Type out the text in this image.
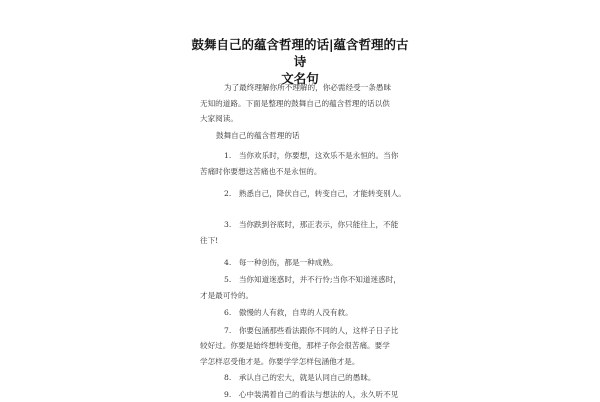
鼓舞自己的蕴含哲理的话|蕴含哲理的古诗
文名句
为了最终理解你所不理解的，你必需经受一条愚昧
无知的道路。下面是整理的鼓舞自己的蕴含哲理的话以供
大家阅读。
鼓舞自己的蕴含哲理的话
1.　当你欢乐时，你要想，这欢乐不是永恒的。当你
苦痛时你要想这苦痛也不是永恒的。
2.　熟悉自己，降伏自己，转变自己，才能转变别人。
3.　当你跌到谷底时，那正表示，你只能往上，不能
往下!
4.　每一种创伤，都是一种成熟。
5.　当你知道迷惑时，并不行怜;当你不知道迷惑时，
才是最可怜的。
6.　傲慢的人有救，自卑的人没有救。
7.　你要包涵那些看法跟你不同的人，这样子日子比
较好过。你要是始终想转变他，那样子你会很苦痛。要学
学怎样忍受他才是。你要学学怎样包涵他才是。
8.　承认自己的宏大，就是认同自己的愚昧。
9.　心中装满着自己的看法与想法的人，永久听不见
